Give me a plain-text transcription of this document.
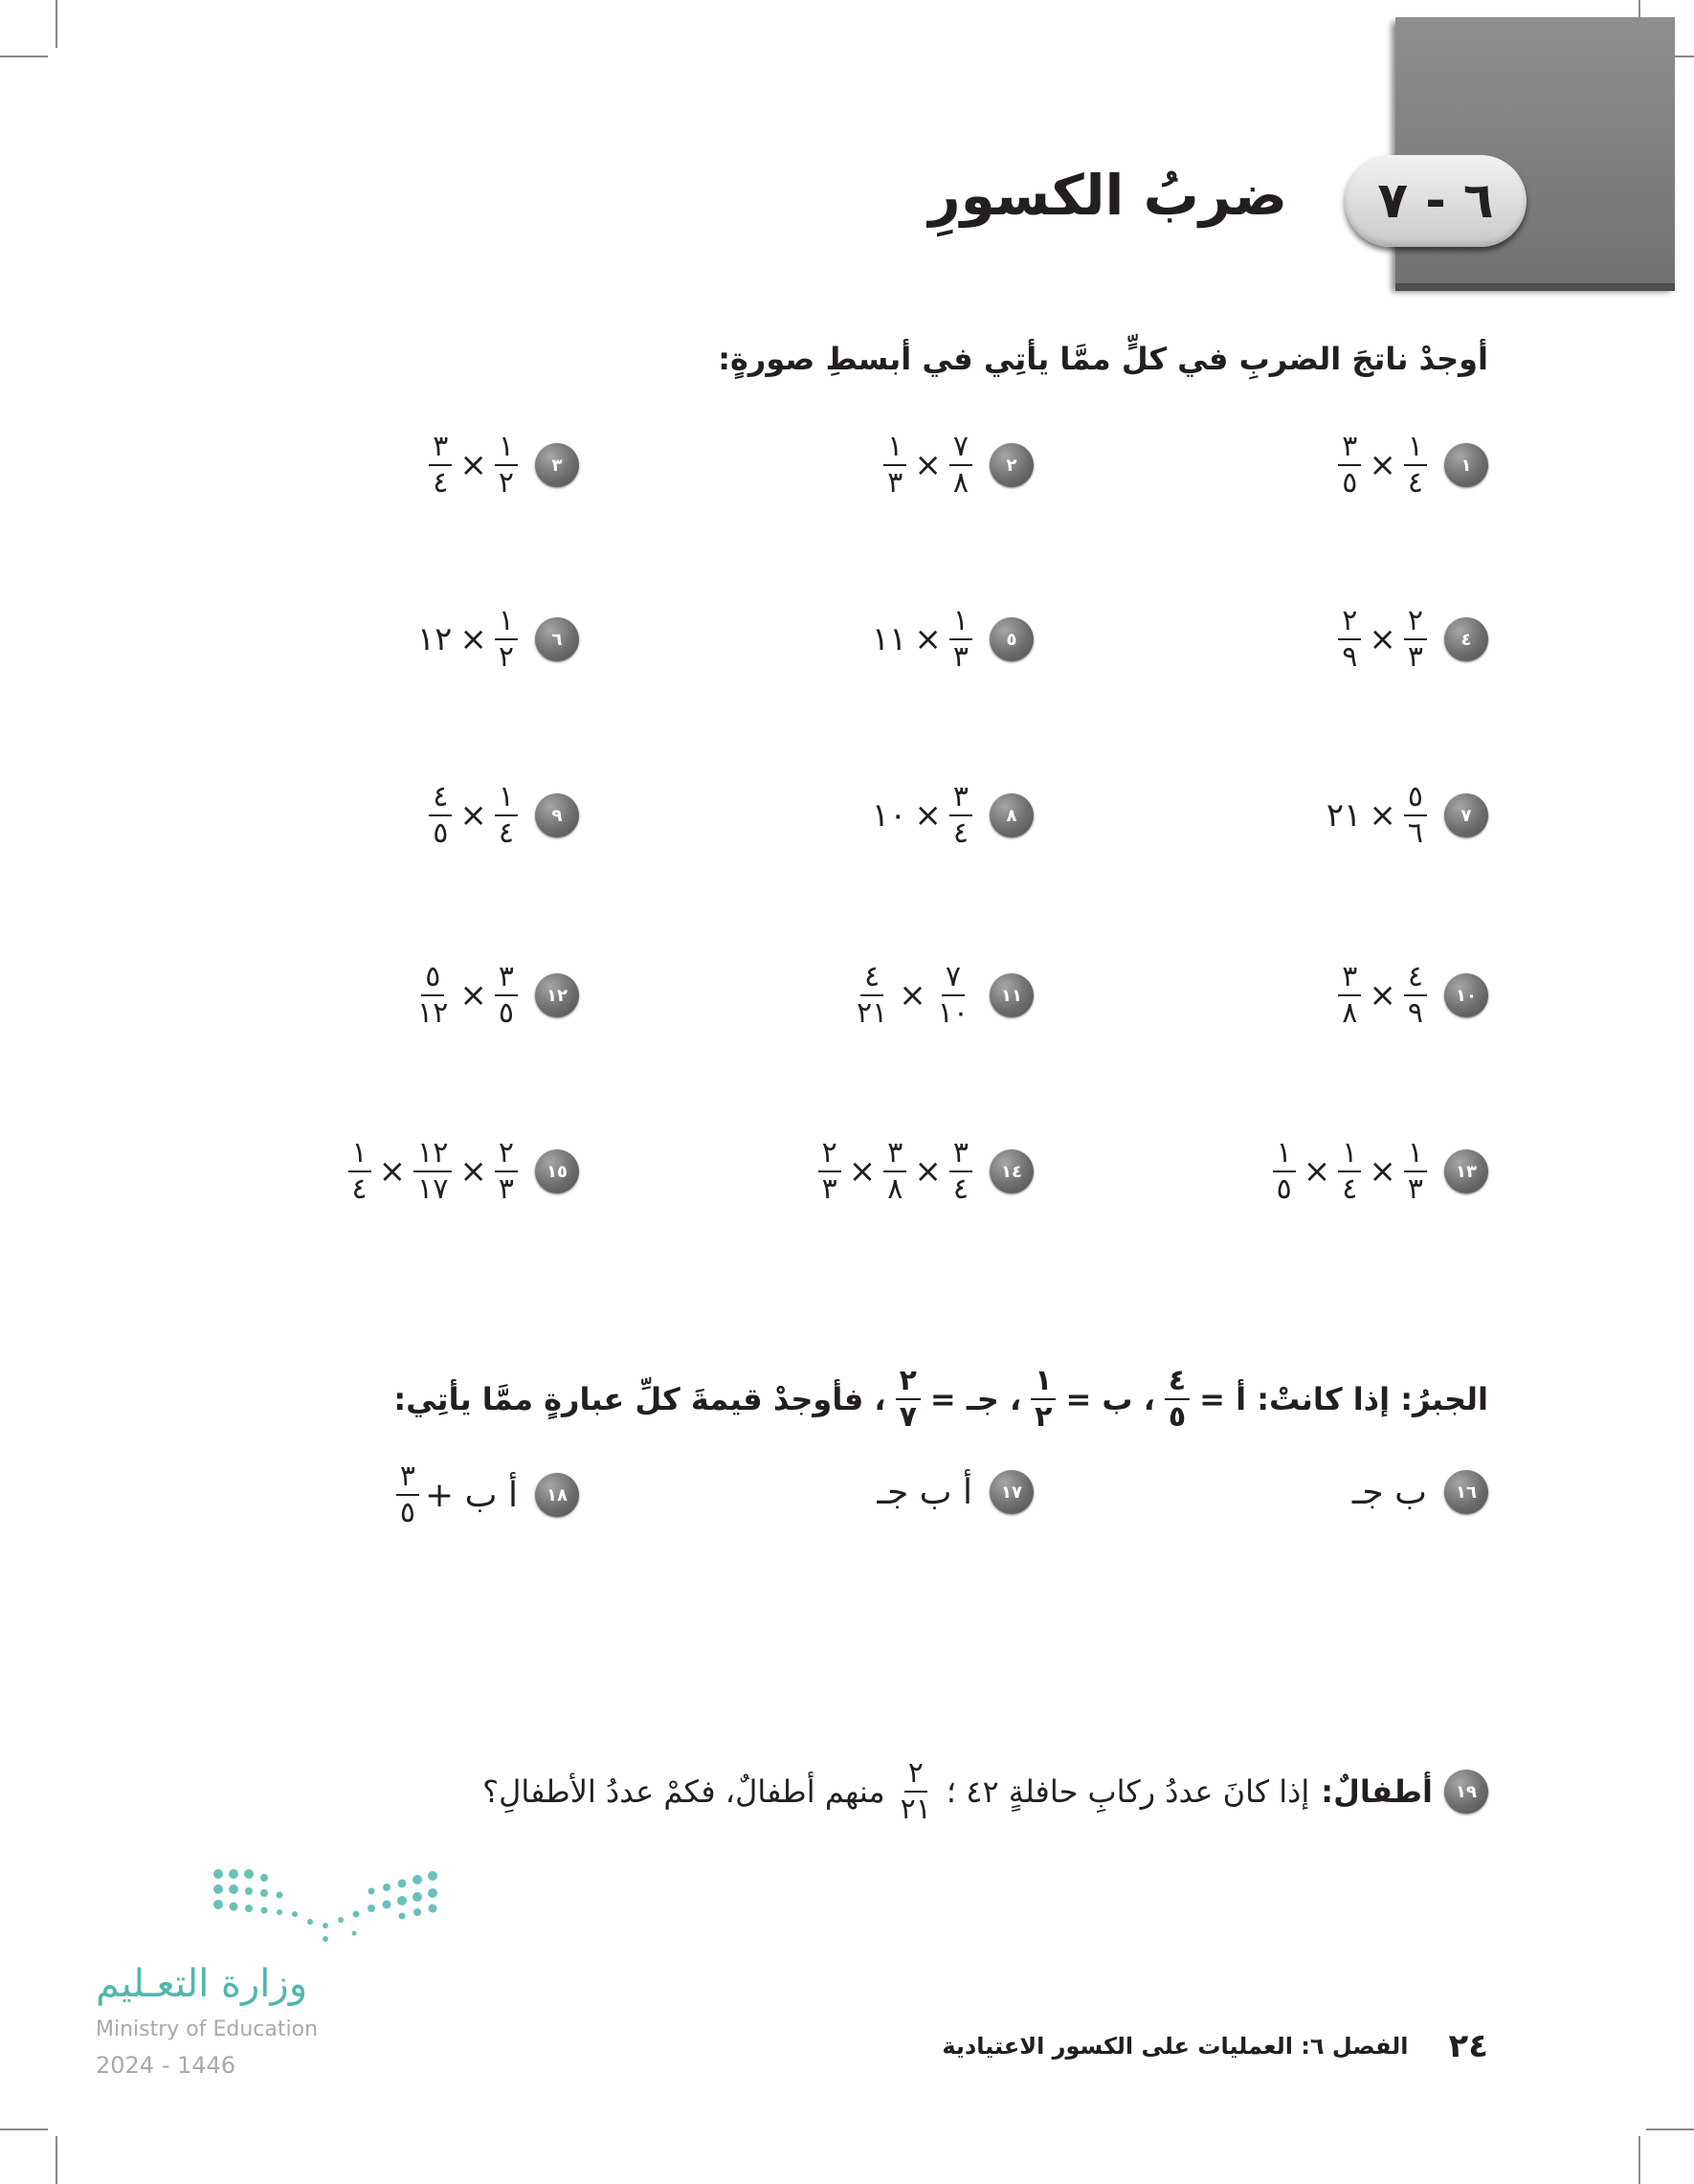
٦ - ٧
ضربُ الكسورِ
أوجدْ ناتجَ الضربِ في كلٍّ ممَّا يأتِي في أبسطِ صورةٍ:
١
١
٤
×
٣
٥
٢
٧
٨
×
١
٣
٣
١
٢
×
٣
٤
٤
٢
٣
×
٢
٩
٥
١
٣
×
١١
٦
١
٢
×
١٢
٧
٥
٦
×
٢١
٨
٣
٤
×
١٠
٩
١
٤
×
٤
٥
١٠
٤
٩
×
٣
٨
١١
٧
١٠
×
٤
٢١
١٢
٣
٥
×
٥
١٢
١٣
١
٣
×
١
٤
×
١
٥
١٤
٣
٤
×
٣
٨
×
٢
٣
١٥
٢
٣
×
١٢
١٧
×
١
٤
الجبرُ: إذا كانتْ: أ =
٤
٥
، ب =
١
٢
، جـ =
٢
٧
، فأوجدْ قيمةَ كلِّ عبارةٍ ممَّا يأتِي:
١٦
ب جـ
١٧
أ ب جـ
١٨
أ ب +
٣
٥
١٩
أطفالٌ:
إذا كانَ عددُ ركابِ حافلةٍ ٤٢ ؛
٢
٢١
منهم أطفالٌ، فكمْ عددُ الأطفالِ؟
وزارة التعـليم
Ministry of Education
2024 - 1446	٢٤
الفصل ٦: العمليات على الكسور الاعتيادية
